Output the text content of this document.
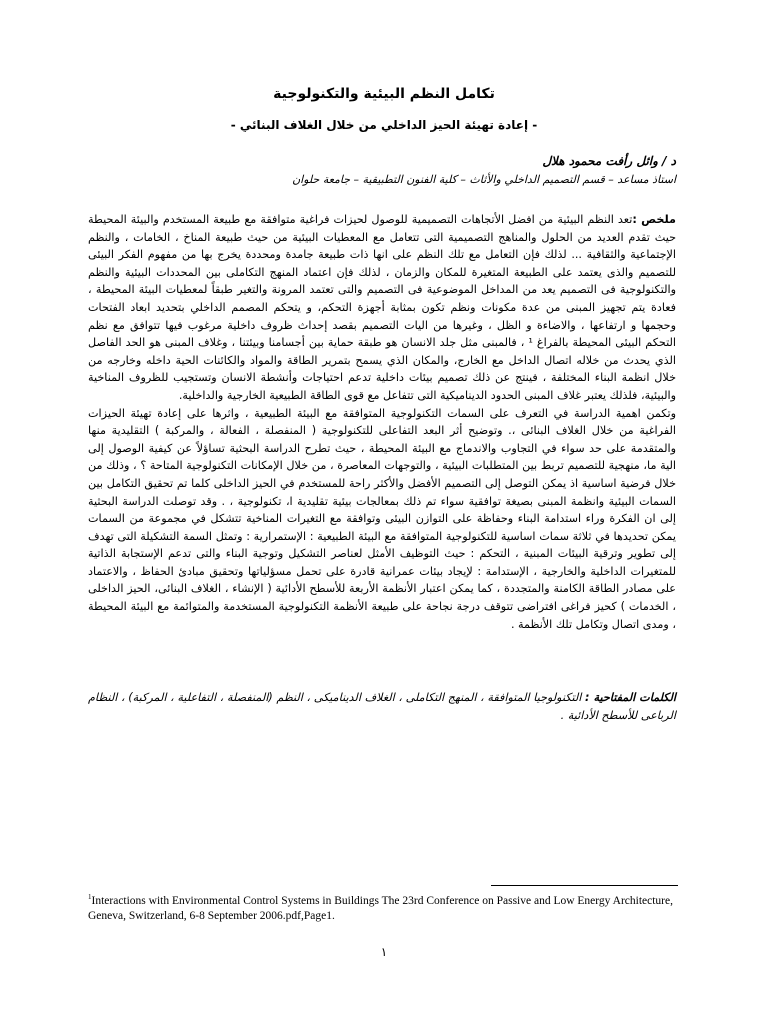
تكامل النظم البيئية والتكنولوجية
- إعادة تهيئة الحيز الداخلي من خلال الغلاف البنائي -
د / وائل رأفت محمود هلال
استاذ مساعد – قسم التصميم الداخلي والأثاث – كلية الفنون التطبيقية – جامعة حلوان

ملخص :تعد النظم البيئية من افضل الأتجاهات التصميمية للوصول لحيزات فراغية متوافقة مع طبيعة المستخدم والبيئة المحيطة حيث تقدم العديد من الحلول والمناهج التصميمية التى تتعامل مع المعطيات البيئية من حيث طبيعة المناخ ، الخامات ، والنظم الإجتماعية والثقافية ... لذلك فإن التعامل مع تلك النظم على انها ذات طبيعة جامدة ومحددة يخرج بها من مفهوم الفكر البيئى للتصميم والذى يعتمد على الطبيعة المتغيرة للمكان والزمان ، لذلك فإن اعتماد المنهج التكاملى بين المحددات البيئية والنظم والتكنولوجية فى التصميم يعد من المداخل الموضوعية فى التصميم والتى تعتمد المرونة والتغير طبقاً لمعطيات البيئة المحيطة ، فعادة يتم تجهيز المبنى من عدة مكونات ونظم تكون بمثابة أجهزة التحكم، و يتحكم المصمم الداخلي بتحديد ابعاد الفتحات وحجمها و ارتفاعها ، والاضاءة و الظل ، وغيرها من اليات التصميم بقصد إحداث ظروف داخلية مرغوب فيها تتوافق مع نظم التحكم البيئى المحيطة بالفراغ ¹ ، فالمبنى مثل جلد الانسان هو طبقة حماية بين أجسامنا وبيئتنا ، وغلاف المبنى هو الحد الفاصل الذي يحدث من خلاله اتصال الداخل مع الخارج، والمكان الذي يسمح بتمرير الطاقة والمواد والكائنات الحية داخله وخارجه من خلال انظمة البناء المختلفة ، فينتج عن ذلك تصميم بيئات داخلية تدعم احتياجات وأنشطة الانسان وتستجيب للظروف المناخية والبيئية، فلذلك يعتبر غلاف المبنى الحدود الديناميكية التى تتفاعل مع قوى الطاقة الطبيعية الخارجية والداخلية.

وتكمن اهمية الدراسة في التعرف على السمات التكنولوجية المتوافقة مع البيئة الطبيعية ، واثرها على إعادة تهيئة الحيزات الفراغية من خلال الغلاف البنائى ،. وتوضيح أثر البعد التفاعلى للتكنولوجية ( المنفصلة ، الفعالة ، والمركبة ) التقليدية منها والمتقدمة على حد سواء في التجاوب والاندماج مع البيئة المحيطة ، حيث تطرح الدراسة البحثية تساؤلاً عن كيفية الوصول إلى الية ما، منهجية للتصميم تربط بين المتطلبات البيئية ، والتوجهات المعاصرة ، من خلال الإمكانات التكنولوجية المتاحة ؟ ، وذلك من خلال فرضية اساسية اذ يمكن التوصل إلى التصميم الأفضل والأكثر راحة للمستخدم في الحيز الداخلى كلما تم تحقيق التكامل بين السمات البيئية وانظمة المبنى بصيغة توافقية سواء تم ذلك بمعالجات بيئية تقليدية ا، تكنولوجية ، . وقد توصلت الدراسة البحثية إلى ان الفكرة وراء استدامة البناء وحفاظة على التوازن البيئى وتوافقة مع التغيرات المناخية تتشكل في مجموعة من السمات يمكن تحديدها في ثلاثة سمات اساسية للتكنولوجية المتوافقة مع البيئة الطبيعية : الإستمرارية : وتمثل السمة التشكيلة التى تهدف إلى تطوير وترقية البيئات المبنية ، التحكم : حيث التوظيف الأمثل لعناصر التشكيل وتوجية البناء والتى تدعم الإستجابة الذاتية للمتغيرات الداخلية والخارجية ، الإستدامة : لإيجاد بيئات عمرانية قادرة على تحمل مسؤلياتها وتحقيق مبادئ الحفاظ ، والاعتماد على مصادر الطاقة الكامنة والمتجددة ، كما يمكن اعتبار الأنظمة الأربعة للأسطح الأدائية ( الإنشاء ، الغلاف البنائى، الحيز الداخلى ، الخدمات ) كحيز فراغى افتراضى تتوقف درجة نجاحة على طبيعة الأنظمة التكنولوجية المستخدمة والمتوائمة مع البيئة المحيطة ، ومدى اتصال وتكامل تلك الأنظمة .

الكلمات المفتاحية : التكنولوجيا المتوافقة ، المنهج التكاملى ، الغلاف الديناميكى ، النظم (المنفصلة ، التفاعلية ، المركبة) ، النظام الرباعى للأسطح الأدائية .
$^1$Interactions with Environmental Control Systems in Buildings The 23rd Conference on Passive and Low Energy Architecture, Geneva, Switzerland, 6-8 September 2006.pdf,Page1.
١
